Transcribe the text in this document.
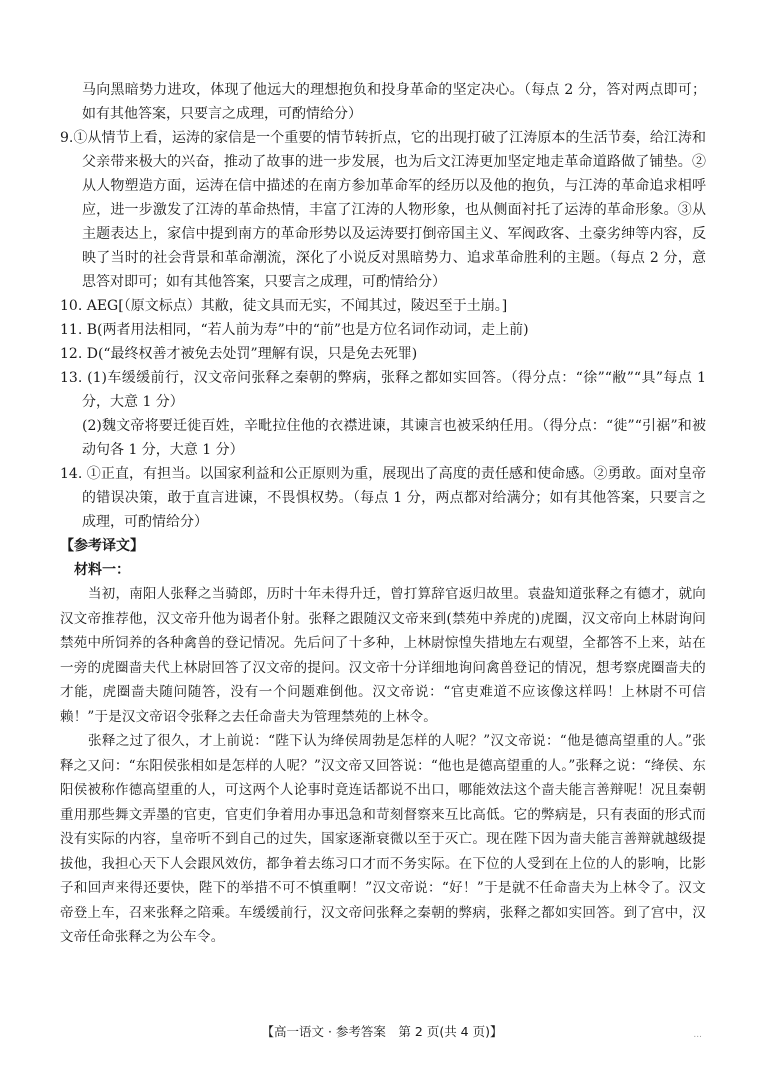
马向黑暗势力进攻，体现了他远大的理想抱负和投身革命的坚定决心。（每点 2 分，答对两点即可；如有其他答案，只要言之成理，可酌情给分）

9.①从情节上看，运涛的家信是一个重要的情节转折点，它的出现打破了江涛原本的生活节奏，给江涛和父亲带来极大的兴奋，推动了故事的进一步发展，也为后文江涛更加坚定地走革命道路做了铺垫。②从人物塑造方面，运涛在信中描述的在南方参加革命军的经历以及他的抱负，与江涛的革命追求相呼应，进一步激发了江涛的革命热情，丰富了江涛的人物形象，也从侧面衬托了运涛的革命形象。③从主题表达上，家信中提到南方的革命形势以及运涛要打倒帝国主义、军阀政客、土豪劣绅等内容，反映了当时的社会背景和革命潮流，深化了小说反对黑暗势力、追求革命胜利的主题。（每点 2 分，意思答对即可；如有其他答案，只要言之成理，可酌情给分）

10. AEG[（原文标点）其敝，徒文具而无实，不闻其过，陵迟至于土崩。]

11. B(两者用法相同，“若人前为寿”中的“前”也是方位名词作动词，走上前)

12. D(“最终权善才被免去处罚”理解有误，只是免去死罪)

13. (1)车缓缓前行，汉文帝问张释之秦朝的弊病，张释之都如实回答。（得分点：“徐”“敝”“具”每点 1 分，大意 1 分）

(2)魏文帝将要迁徙百姓，辛毗拉住他的衣襟进谏，其谏言也被采纳任用。（得分点：“徙”“引裾”和被动句各 1 分，大意 1 分）

14. ①正直，有担当。以国家利益和公正原则为重，展现出了高度的责任感和使命感。②勇敢。面对皇帝的错误决策，敢于直言进谏，不畏惧权势。（每点 1 分，两点都对给满分；如有其他答案，只要言之成理，可酌情给分）

【参考译文】

材料一：

当初，南阳人张释之当骑郎，历时十年未得升迁，曾打算辞官返归故里。袁盎知道张释之有德才，就向汉文帝推荐他，汉文帝升他为谒者仆射。张释之跟随汉文帝来到(禁苑中养虎的)虎圈，汉文帝向上林尉询问禁苑中所饲养的各种禽兽的登记情况。先后问了十多种，上林尉惊惶失措地左右观望，全都答不上来，站在一旁的虎圈啬夫代上林尉回答了汉文帝的提问。汉文帝十分详细地询问禽兽登记的情况，想考察虎圈啬夫的才能，虎圈啬夫随问随答，没有一个问题难倒他。汉文帝说：“官吏难道不应该像这样吗！上林尉不可信赖！”于是汉文帝诏令张释之去任命啬夫为管理禁苑的上林令。

张释之过了很久，才上前说：“陛下认为绛侯周勃是怎样的人呢？”汉文帝说：“他是德高望重的人。”张释之又问：“东阳侯张相如是怎样的人呢？”汉文帝又回答说：“他也是德高望重的人。”张释之说：“绛侯、东阳侯被称作德高望重的人，可这两个人论事时竟连话都说不出口，哪能效法这个啬夫能言善辩呢！况且秦朝重用那些舞文弄墨的官吏，官吏们争着用办事迅急和苛刻督察来互比高低。它的弊病是，只有表面的形式而没有实际的内容，皇帝听不到自己的过失，国家逐渐衰微以至于灭亡。现在陛下因为啬夫能言善辩就越级提拔他，我担心天下人会跟风效仿，都争着去练习口才而不务实际。在下位的人受到在上位的人的影响，比影子和回声来得还要快，陛下的举措不可不慎重啊！”汉文帝说：“好！”于是就不任命啬夫为上林令了。汉文帝登上车，召来张释之陪乘。车缓缓前行，汉文帝问张释之秦朝的弊病，张释之都如实回答。到了宫中，汉文帝任命张释之为公车令。

【高一语文 · 参考答案　第 2 页(共 4 页)】	...
